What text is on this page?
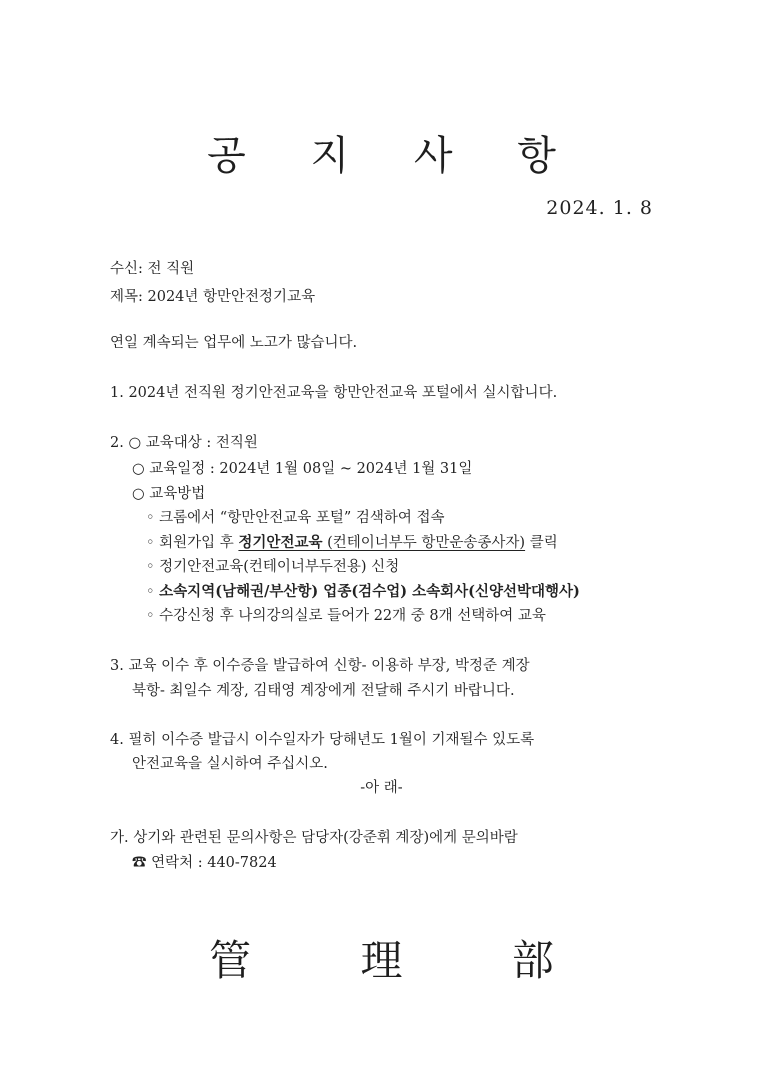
공 지 사 항
2024. 1. 8
수신: 전 직원
제목: 2024년 항만안전정기교육
연일 계속되는 업무에 노고가 많습니다.
1. 2024년 전직원 정기안전교육을 항만안전교육 포털에서 실시합니다.
2. ○ 교육대상 : 전직원
○ 교육일정 : 2024년 1월 08일 ~ 2024년 1월 31일
○ 교육방법
◦ 크롬에서 “항만안전교육 포털” 검색하여 접속
◦ 회원가입 후 정기안전교육 (컨테이너부두 항만운송종사자) 클릭
◦ 정기안전교육(컨테이너부두전용) 신청
◦ 소속지역(남해권/부산항) 업종(검수업) 소속회사(신양선박대행사)
◦ 수강신청 후 나의강의실로 들어가 22개 중 8개 선택하여 교육
3. 교육 이수 후 이수증을 발급하여 신항- 이용하 부장, 박정준 계장
북항- 최일수 계장, 김태영 계장에게 전달해 주시기 바랍니다.
4. 필히 이수증 발급시 이수일자가 당해년도 1월이 기재될수 있도록
안전교육을 실시하여 주십시오.
-아 래-
가. 상기와 관련된 문의사항은 담당자(강준휘 계장)에게 문의바람
☎ 연락처 : 440-7824
管 理 部
